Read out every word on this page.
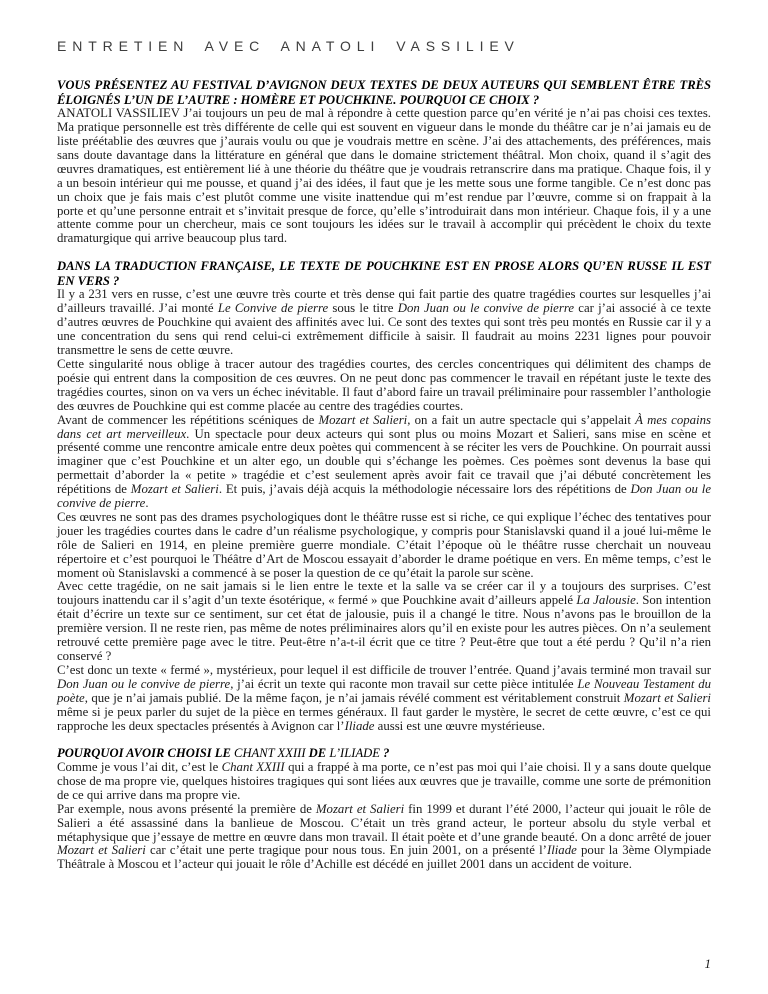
ENTRETIEN AVEC ANATOLI VASSILIEV
VOUS PRÉSENTEZ AU FESTIVAL D’AVIGNON DEUX TEXTES DE DEUX AUTEURS QUI SEMBLENT ÊTRE TRÈS ÉLOIGNÉS L’UN DE L’AUTRE : HOMÈRE ET POUCHKINE. POURQUOI CE CHOIX ?

ANATOLI VASSILIEV J’ai toujours un peu de mal à répondre à cette question parce qu’en vérité je n’ai pas choisi ces textes. Ma pratique personnelle est très différente de celle qui est souvent en vigueur dans le monde du théâtre car je n’ai jamais eu de liste préétablie des œuvres que j’aurais voulu ou que je voudrais mettre en scène. J’ai des attachements, des préférences, mais sans doute davantage dans la littérature en général que dans le domaine strictement théâtral. Mon choix, quand il s’agit des œuvres dramatiques, est entièrement lié à une théorie du théâtre que je voudrais retranscrire dans ma pratique. Chaque fois, il y a un besoin intérieur qui me pousse, et quand j’ai des idées, il faut que je les mette sous une forme tangible. Ce n’est donc pas un choix que je fais mais c’est plutôt comme une visite inattendue qui m’est rendue par l’œuvre, comme si on frappait à la porte et qu’une personne entrait et s’invitait presque de force, qu’elle s’introduirait dans mon intérieur. Chaque fois, il y a une attente comme pour un chercheur, mais ce sont toujours les idées sur le travail à accomplir qui précèdent le choix du texte dramaturgique qui arrive beaucoup plus tard.

DANS LA TRADUCTION FRANÇAISE, LE TEXTE DE POUCHKINE EST EN PROSE ALORS QU’EN RUSSE IL EST EN VERS ?

Il y a 231 vers en russe, c’est une œuvre très courte et très dense qui fait partie des quatre tragédies courtes sur lesquelles j’ai d’ailleurs travaillé. J’ai monté Le Convive de pierre sous le titre Don Juan ou le convive de pierre car j’ai associé à ce texte d’autres œuvres de Pouchkine qui avaient des affinités avec lui. Ce sont des textes qui sont très peu montés en Russie car il y a une concentration du sens qui rend celui-ci extrêmement difficile à saisir. Il faudrait au moins 2231 lignes pour pouvoir transmettre le sens de cette œuvre.

Cette singularité nous oblige à tracer autour des tragédies courtes, des cercles concentriques qui délimitent des champs de poésie qui entrent dans la composition de ces œuvres. On ne peut donc pas commencer le travail en répétant juste le texte des tragédies courtes, sinon on va vers un échec inévitable. Il faut d’abord faire un travail préliminaire pour rassembler l’anthologie des œuvres de Pouchkine qui est comme placée au centre des tragédies courtes.

Avant de commencer les répétitions scéniques de Mozart et Salieri, on a fait un autre spectacle qui s’appelait À mes copains dans cet art merveilleux. Un spectacle pour deux acteurs qui sont plus ou moins Mozart et Salieri, sans mise en scène et présenté comme une rencontre amicale entre deux poètes qui commencent à se réciter les vers de Pouchkine. On pourrait aussi imaginer que c’est Pouchkine et un alter ego, un double qui s’échange les poèmes. Ces poèmes sont devenus la base qui permettait d’aborder la « petite » tragédie et c’est seulement après avoir fait ce travail que j’ai débuté concrètement les répétitions de Mozart et Salieri. Et puis, j’avais déjà acquis la méthodologie nécessaire lors des répétitions de Don Juan ou le convive de pierre.

Ces œuvres ne sont pas des drames psychologiques dont le théâtre russe est si riche, ce qui explique l’échec des tentatives pour jouer les tragédies courtes dans le cadre d’un réalisme psychologique, y compris pour Stanislavski quand il a joué lui-même le rôle de Salieri en 1914, en pleine première guerre mondiale. C’était l’époque où le théâtre russe cherchait un nouveau répertoire et c’est pourquoi le Théâtre d’Art de Moscou essayait d’aborder le drame poétique en vers. En même temps, c’est le moment où Stanislavski a commencé à se poser la question de ce qu’était la parole sur scène.

Avec cette tragédie, on ne sait jamais si le lien entre le texte et la salle va se créer car il y a toujours des surprises. C’est toujours inattendu car il s’agit d’un texte ésotérique, « fermé » que Pouchkine avait d’ailleurs appelé La Jalousie. Son intention était d’écrire un texte sur ce sentiment, sur cet état de jalousie, puis il a changé le titre. Nous n’avons pas le brouillon de la première version. Il ne reste rien, pas même de notes préliminaires alors qu’il en existe pour les autres pièces. On n’a seulement retrouvé cette première page avec le titre. Peut-être n’a-t-il écrit que ce titre ? Peut-être que tout a été perdu ? Qu’il n’a rien conservé ?

C’est donc un texte « fermé », mystérieux, pour lequel il est difficile de trouver l’entrée. Quand j’avais terminé mon travail sur Don Juan ou le convive de pierre, j’ai écrit un texte qui raconte mon travail sur cette pièce intitulée Le Nouveau Testament du poète, que je n’ai jamais publié. De la même façon, je n’ai jamais révélé comment est véritablement construit Mozart et Salieri même si je peux parler du sujet de la pièce en termes généraux. Il faut garder le mystère, le secret de cette œuvre, c’est ce qui rapproche les deux spectacles présentés à Avignon car l’Iliade aussi est une œuvre mystérieuse.

POURQUOI AVOIR CHOISI LE CHANT XXIII DE L’ILIADE ?

Comme je vous l’ai dit, c’est le Chant XXIII qui a frappé à ma porte, ce n’est pas moi qui l’aie choisi. Il y a sans doute quelque chose de ma propre vie, quelques histoires tragiques qui sont liées aux œuvres que je travaille, comme une sorte de prémonition de ce qui arrive dans ma propre vie.

Par exemple, nous avons présenté la première de Mozart et Salieri fin 1999 et durant l’été 2000, l’acteur qui jouait le rôle de Salieri a été assassiné dans la banlieue de Moscou. C’était un très grand acteur, le porteur absolu du style verbal et métaphysique que j’essaye de mettre en œuvre dans mon travail. Il était poète et d’une grande beauté. On a donc arrêté de jouer Mozart et Salieri car c’était une perte tragique pour nous tous. En juin 2001, on a présenté l’Iliade pour la 3ème Olympiade Théâtrale à Moscou et l’acteur qui jouait le rôle d’Achille est décédé en juillet 2001 dans un accident de voiture.

1
